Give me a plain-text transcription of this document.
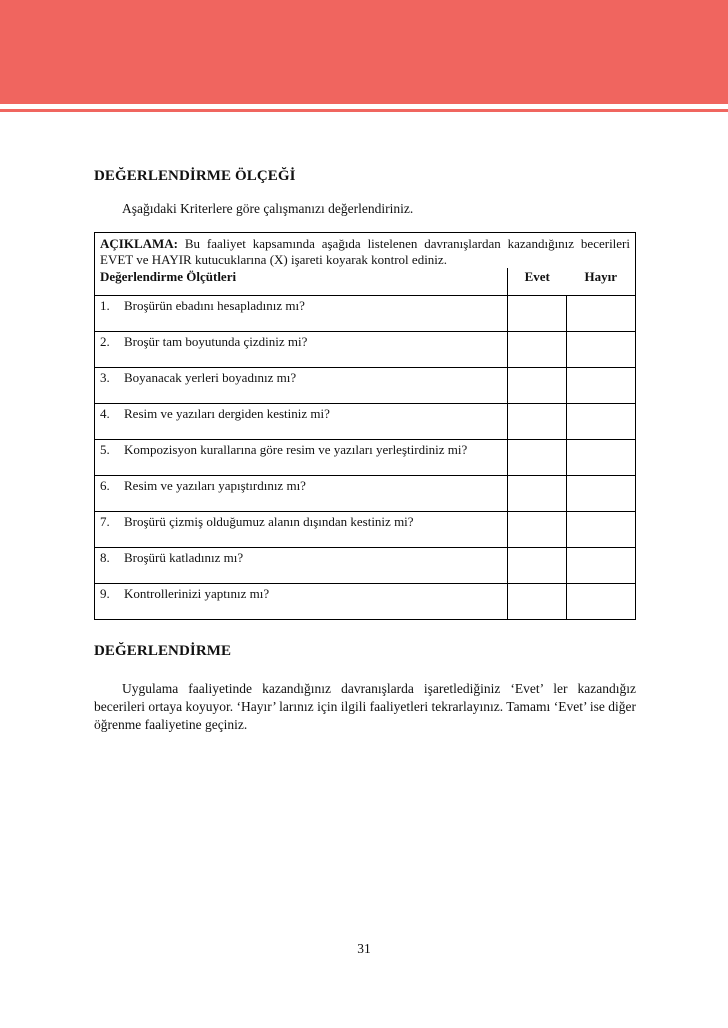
DEĞERLENDİRME ÖLÇEĞİ
Aşağıdaki Kriterlere göre çalışmanızı değerlendiriniz.
AÇIKLAMA: Bu faaliyet kapsamında aşağıda listelenen davranışlardan kazandığınız becerileri EVET ve HAYIR kutucuklarına (X) işareti koyarak kontrol ediniz.		
Değerlendirme Ölçütleri	Evet	Hayır

1. Broşürün ebadını hesapladınız mı?		

2. Broşür tam boyutunda çizdiniz mi?		

3. Boyanacak yerleri boyadınız mı?		

4. Resim ve yazıları dergiden kestiniz mi?		

5. Kompozisyon kurallarına göre resim ve yazıları yerleştirdiniz mi?		

6. Resim ve yazıları yapıştırdınız mı?		

7. Broşürü çizmiş olduğumuz alanın dışından kestiniz mi?		

8. Broşürü katladınız mı?		

9. Kontrollerinizi yaptınız mı?		

DEĞERLENDİRME
Uygulama faaliyetinde kazandığınız davranışlarda işaretlediğiniz ‘Evet’ ler kazandığız becerileri ortaya koyuyor. ‘Hayır’ larınız için ilgili faaliyetleri tekrarlayınız. Tamamı ‘Evet’ ise diğer öğrenme faaliyetine geçiniz.
31
